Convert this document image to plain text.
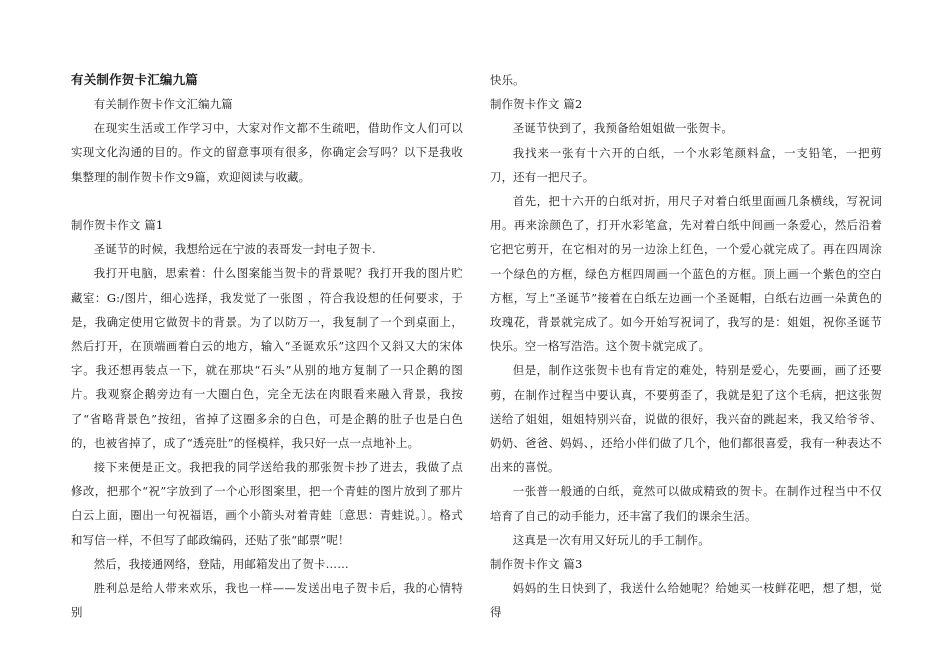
有关制作贺卡汇编九篇

有关制作贺卡作文汇编九篇

在现实生活或工作学习中，大家对作文都不生疏吧，借助作文人们可以实现文化沟通的目的。作文的留意事项有很多，你确定会写吗？以下是我收集整理的制作贺卡作文9篇，欢迎阅读与收藏。

制作贺卡作文 篇1

圣诞节的时候，我想给远在宁波的表哥发一封电子贺卡.

我打开电脑，思索着：什么图案能当贺卡的背景呢？我打开我的图片贮藏室：G:/图片，细心选择，我发觉了一张图 ，符合我设想的任何要求，于是，我确定使用它做贺卡的背景。为了以防万一，我复制了一个到桌面上，然后打开，在顶端画着白云的地方，输入“圣诞欢乐”这四个又斜又大的宋体字。我还想再装点一下，就在那块“石头”从别的地方复制了一只企鹅的图片。我观察企鹅旁边有一大圈白色，完全无法在肉眼看来融入背景，我按了“省略背景色”按纽，省掉了这圈多余的白色，可是企鹅的肚子也是白色的，也被省掉了，成了“透亮肚”的怪模样，我只好一点一点地补上。

接下来便是正文。我把我的同学送给我的那张贺卡抄了进去，我做了点修改，把那个“祝”字放到了一个心形图案里，把一个青蛙的图片放到了那片白云上面，圈出一句祝福语，画个小箭头对着青蛙〔意思：青蛙说。〕。格式和写信一样，不但写了邮政编码，还贴了张“邮票”呢！

然后，我接通网络，登陆，用邮箱发出了贺卡……

胜利总是给人带来欢乐，我也一样——发送出电子贺卡后，我的心情特别

快乐。

制作贺卡作文 篇2

圣诞节快到了，我预备给姐姐做一张贺卡。

我找来一张有十六开的白纸，一个水彩笔颜料盒，一支铅笔，一把剪刀，还有一把尺子。

首先，把十六开的白纸对折，用尺子对着白纸里面画几条横线，写祝词用。再来涂颜色了，打开水彩笔盒，先对着白纸中间画一条爱心，然后沿着它把它剪开，在它相对的另一边涂上红色，一个爱心就完成了。再在四周涂一个绿色的方框，绿色方框四周画一个蓝色的方框。顶上画一个紫色的空白方框，写上“圣诞节”接着在白纸左边画一个圣诞帽，白纸右边画一朵黄色的玫瑰花，背景就完成了。如今开始写祝词了，我写的是：姐姐，祝你圣诞节快乐。空一格写浩浩。这个贺卡就完成了。

但是，制作这张贺卡也有肯定的难处，特别是爱心，先要画，画了还要剪，在制作过程当中要认真，不要剪歪了，我就是犯了这个毛病，把这张贺送给了姐姐，姐姐特别兴奋，说做的很好，我兴奋的跳起来，我又给爷爷、奶奶、爸爸、妈妈、，还给小伴们做了几个，他们都很喜爱，我有一种表达不出来的喜悦。

一张普一般通的白纸，竟然可以做成精致的贺卡。在制作过程当中不仅培育了自己的动手能力，还丰富了我们的课余生活。

这真是一次有用又好玩儿的手工制作。

制作贺卡作文 篇3

妈妈的生日快到了，我送什么给她呢？给她买一枝鲜花吧，想了想，觉得
